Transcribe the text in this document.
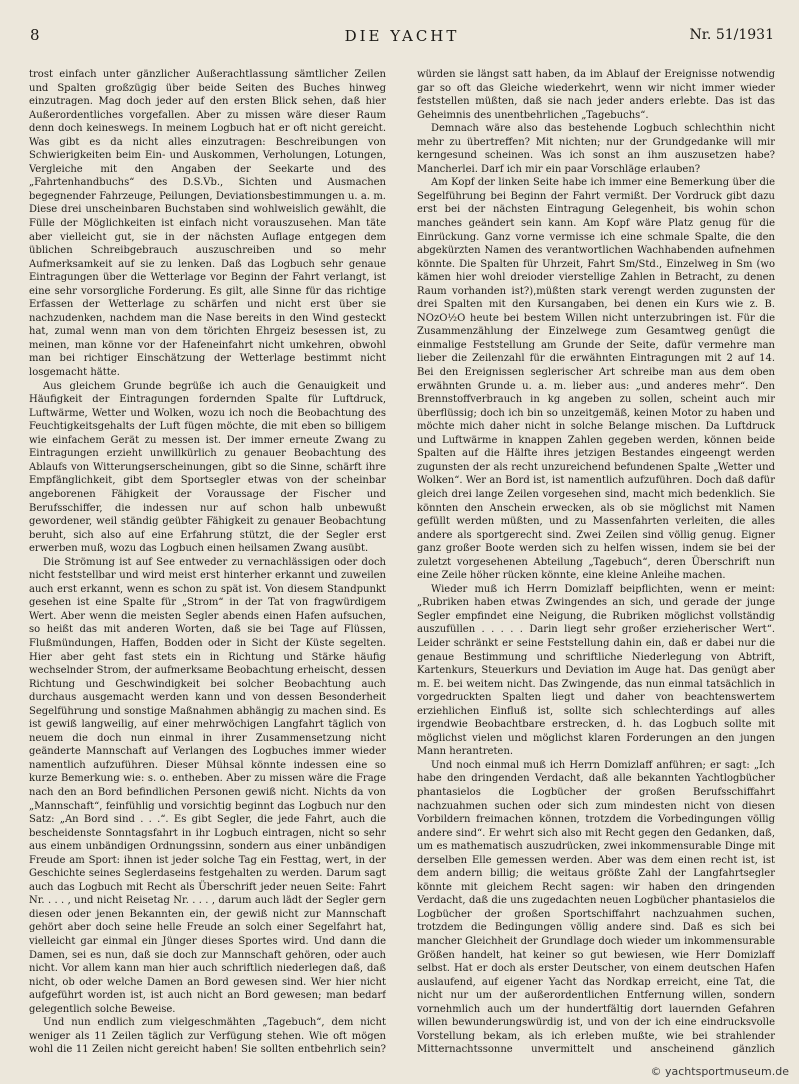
8	DIE YACHT	Nr. 51/1931

trost einfach unter gänzlicher Außerachtlassung sämtlicher Zeilen und Spalten großzügig über beide Seiten des Buches hinweg einzutragen. Mag doch jeder auf den ersten Blick sehen, daß hier Außerordentliches vorgefallen. Aber zu missen wäre dieser Raum denn doch keineswegs. In meinem Logbuch hat er oft nicht gereicht. Was gibt es da nicht alles einzutragen: Beschreibungen von Schwierigkeiten beim Ein- und Auskommen, Verholungen, Lotungen, Vergleiche mit den Angaben der Seekarte und des „Fahrtenhandbuchs“ des D.S.Vb., Sichten und Ausmachen begegnender Fahrzeuge, Peilungen, Deviationsbestimmungen u. a. m. Diese drei unscheinbaren Buchstaben sind wohlweislich gewählt, die Fülle der Möglichkeiten ist einfach nicht vorauszusehen. Man täte aber vielleicht gut, sie in der nächsten Auflage entgegen dem üblichen Schreibgebrauch auszuschreiben und so mehr Aufmerksamkeit auf sie zu lenken. Daß das Logbuch sehr genaue Eintragungen über die Wetterlage vor Beginn der Fahrt verlangt, ist eine sehr vorsorgliche Forderung. Es gilt, alle Sinne für das richtige Erfassen der Wetterlage zu schärfen und nicht erst über sie nachzudenken, nachdem man die Nase bereits in den Wind gesteckt hat, zumal wenn man von dem törichten Ehrgeiz besessen ist, zu meinen, man könne vor der Hafeneinfahrt nicht umkehren, obwohl man bei richtiger Einschätzung der Wetterlage bestimmt nicht losgemacht hätte.

Aus gleichem Grunde begrüße ich auch die Genauigkeit und Häufigkeit der Eintragungen fordernden Spalte für Luftdruck, Luftwärme, Wetter und Wolken, wozu ich noch die Beobachtung des Feuchtigkeitsgehalts der Luft fügen möchte, die mit eben so billigem wie einfachem Gerät zu messen ist. Der immer erneute Zwang zu Eintragungen erzieht unwillkürlich zu genauer Beobachtung des Ablaufs von Witterungserscheinungen, gibt so die Sinne, schärft ihre Empfänglichkeit, gibt dem Sportsegler etwas von der scheinbar angeborenen Fähigkeit der Voraussage der Fischer und Berufsschiffer, die indessen nur auf schon halb unbewußt gewordener, weil ständig geübter Fähigkeit zu genauer Beobachtung beruht, sich also auf eine Erfahrung stützt, die der Segler erst erwerben muß, wozu das Logbuch einen heilsamen Zwang ausübt.

Die Strömung ist auf See entweder zu vernachlässigen oder doch nicht feststellbar und wird meist erst hinterher erkannt und zuweilen auch erst erkannt, wenn es schon zu spät ist. Von diesem Standpunkt gesehen ist eine Spalte für „Strom“ in der Tat von fragwürdigem Wert. Aber wenn die meisten Segler abends einen Hafen aufsuchen, so heißt das mit anderen Worten, daß sie bei Tage auf Flüssen, Flußmündungen, Haffen, Bodden oder in Sicht der Küste segelten. Hier aber geht fast stets ein in Richtung und Stärke häufig wechselnder Strom, der aufmerksame Beobachtung erheischt, dessen Richtung und Geschwindigkeit bei solcher Beobachtung auch durchaus ausgemacht werden kann und von dessen Besonderheit Segelführung und sonstige Maßnahmen abhängig zu machen sind. Es ist gewiß langweilig, auf einer mehrwöchigen Langfahrt täglich von neuem die doch nun einmal in ihrer Zusammensetzung nicht geänderte Mannschaft auf Verlangen des Logbuches immer wieder namentlich aufzuführen. Dieser Mühsal könnte indessen eine so kurze Bemerkung wie: s. o. entheben. Aber zu missen wäre die Frage nach den an Bord befindlichen Personen gewiß nicht. Nichts da von „Mannschaft“, feinfühlig und vorsichtig beginnt das Logbuch nur den Satz: „An Bord sind . . .“. Es gibt Segler, die jede Fahrt, auch die bescheidenste Sonntagsfahrt in ihr Logbuch eintragen, nicht so sehr aus einem unbändigen Ordnungssinn, sondern aus einer unbändigen Freude am Sport: ihnen ist jeder solche Tag ein Festtag, wert, in der Geschichte seines Seglerdaseins festgehalten zu werden. Darum sagt auch das Logbuch mit Recht als Überschrift jeder neuen Seite: Fahrt Nr. . . . , und nicht Reisetag Nr. . . . , darum auch lädt der Segler gern diesen oder jenen Bekannten ein, der gewiß nicht zur Mannschaft gehört aber doch seine helle Freude an solch einer Segelfahrt hat, vielleicht gar einmal ein Jünger dieses Sportes wird. Und dann die Damen, sei es nun, daß sie doch zur Mannschaft gehören, oder auch nicht. Vor allem kann man hier auch schriftlich niederlegen daß, daß nicht, ob oder welche Damen an Bord gewesen sind. Wer hier nicht aufgeführt worden ist, ist auch nicht an Bord gewesen; man bedarf gelegentlich solche Beweise.

Und nun endlich zum vielgeschmähten „Tagebuch“, dem nicht weniger als 11 Zeilen täglich zur Verfügung stehen. Wie oft mögen wohl die 11 Zeilen nicht gereicht haben! Sie sollten entbehrlich sein?

würden sie längst satt haben, da im Ablauf der Ereignisse notwendig gar so oft das Gleiche wiederkehrt, wenn wir nicht immer wieder feststellen müßten, daß sie nach jeder anders erlebte. Das ist das Geheimnis des unentbehrlichen „Tagebuchs“.

Demnach wäre also das bestehende Logbuch schlechthin nicht mehr zu übertreffen? Mit nichten; nur der Grundgedanke will mir kerngesund scheinen. Was ich sonst an ihm auszusetzen habe? Mancherlei. Darf ich mir ein paar Vorschläge erlauben?

Am Kopf der linken Seite habe ich immer eine Bemerkung über die Segelführung bei Beginn der Fahrt vermißt. Der Vordruck gibt dazu erst bei der nächsten Eintragung Gelegenheit, bis wohin schon manches geändert sein kann. Am Kopf wäre Platz genug für die Einrückung. Ganz vorne vermisse ich eine schmale Spalte, die den abgekürzten Namen des verantwortlichen Wachhabenden aufnehmen könnte. Die Spalten für Uhrzeit, Fahrt Sm/Std., Einzelweg in Sm (wo kämen hier wohl dreioder vierstellige Zahlen in Betracht, zu denen Raum vorhanden ist?),müßten stark verengt werden zugunsten der drei Spalten mit den Kursangaben, bei denen ein Kurs wie z. B. NOzO½O heute bei bestem Willen nicht unterzubringen ist. Für die Zusammenzählung der Einzelwege zum Gesamtweg genügt die einmalige Feststellung am Grunde der Seite, dafür vermehre man lieber die Zeilenzahl für die erwähnten Eintragungen mit 2 auf 14. Bei den Ereignissen seglerischer Art schreibe man aus dem oben erwähnten Grunde u. a. m. lieber aus: „und anderes mehr“. Den Brennstoffverbrauch in kg angeben zu sollen, scheint auch mir überflüssig; doch ich bin so unzeitgemäß, keinen Motor zu haben und möchte mich daher nicht in solche Belange mischen. Da Luftdruck und Luftwärme in knappen Zahlen gegeben werden, können beide Spalten auf die Hälfte ihres jetzigen Bestandes eingeengt werden zugunsten der als recht unzureichend befundenen Spalte „Wetter und Wolken“. Wer an Bord ist, ist namentlich aufzuführen. Doch daß dafür gleich drei lange Zeilen vorgesehen sind, macht mich bedenklich. Sie könnten den Anschein erwecken, als ob sie möglichst mit Namen gefüllt werden müßten, und zu Massenfahrten verleiten, die alles andere als sportgerecht sind. Zwei Zeilen sind völlig genug. Eigner ganz großer Boote werden sich zu helfen wissen, indem sie bei der zuletzt vorgesehenen Abteilung „Tagebuch“, deren Überschrift nun eine Zeile höher rücken könnte, eine kleine Anleihe machen.

Wieder muß ich Herrn Domizlaff beipflichten, wenn er meint: „Rubriken haben etwas Zwingendes an sich, und gerade der junge Segler empfindet eine Neigung, die Rubriken möglichst vollständig auszufüllen . . . . . Darin liegt sehr großer erzieherischer Wert“. Leider schränkt er seine Feststellung dahin ein, daß er dabei nur die genaue Bestimmung und schriftliche Niederlegung von Abtrift, Kartenkurs, Steuerkurs und Deviation im Auge hat. Das genügt aber m. E. bei weitem nicht. Das Zwingende, das nun einmal tatsächlich in vorgedruckten Spalten liegt und daher von beachtenswertem erziehlichen Einfluß ist, sollte sich schlechterdings auf alles irgendwie Beobachtbare erstrecken, d. h. das Logbuch sollte mit möglichst vielen und möglichst klaren Forderungen an den jungen Mann herantreten.

Und noch einmal muß ich Herrn Domizlaff anführen; er sagt: „Ich habe den dringenden Verdacht, daß alle bekannten Yachtlogbücher phantasielos die Logbücher der großen Berufsschiffahrt nachzuahmen suchen oder sich zum mindesten nicht von diesen Vorbildern freimachen können, trotzdem die Vorbedingungen völlig andere sind“. Er wehrt sich also mit Recht gegen den Gedanken, daß, um es mathematisch auszudrücken, zwei inkommensurable Dinge mit derselben Elle gemessen werden. Aber was dem einen recht ist, ist dem andern billig; die weitaus größte Zahl der Langfahrtsegler könnte mit gleichem Recht sagen: wir haben den dringenden Verdacht, daß die uns zugedachten neuen Logbücher phantasielos die Logbücher der großen Sportschiffahrt nachzuahmen suchen, trotzdem die Bedingungen völlig andere sind. Daß es sich bei mancher Gleichheit der Grundlage doch wieder um inkommensurable Größen handelt, hat keiner so gut bewiesen, wie Herr Domizlaff selbst. Hat er doch als erster Deutscher, von einem deutschen Hafen auslaufend, auf eigener Yacht das Nordkap erreicht, eine Tat, die nicht nur um der außerordentlichen Entfernung willen, sondern vornehmlich auch um der hundertfältig dort lauernden Gefahren willen bewunderungswürdig ist, und von der ich eine eindrucksvolle Vorstellung bekam, als ich erleben mußte, wie bei strahlender Mitternachtssonne unvermittelt und anscheinend gänzlich

© yachtsportmuseum.de
